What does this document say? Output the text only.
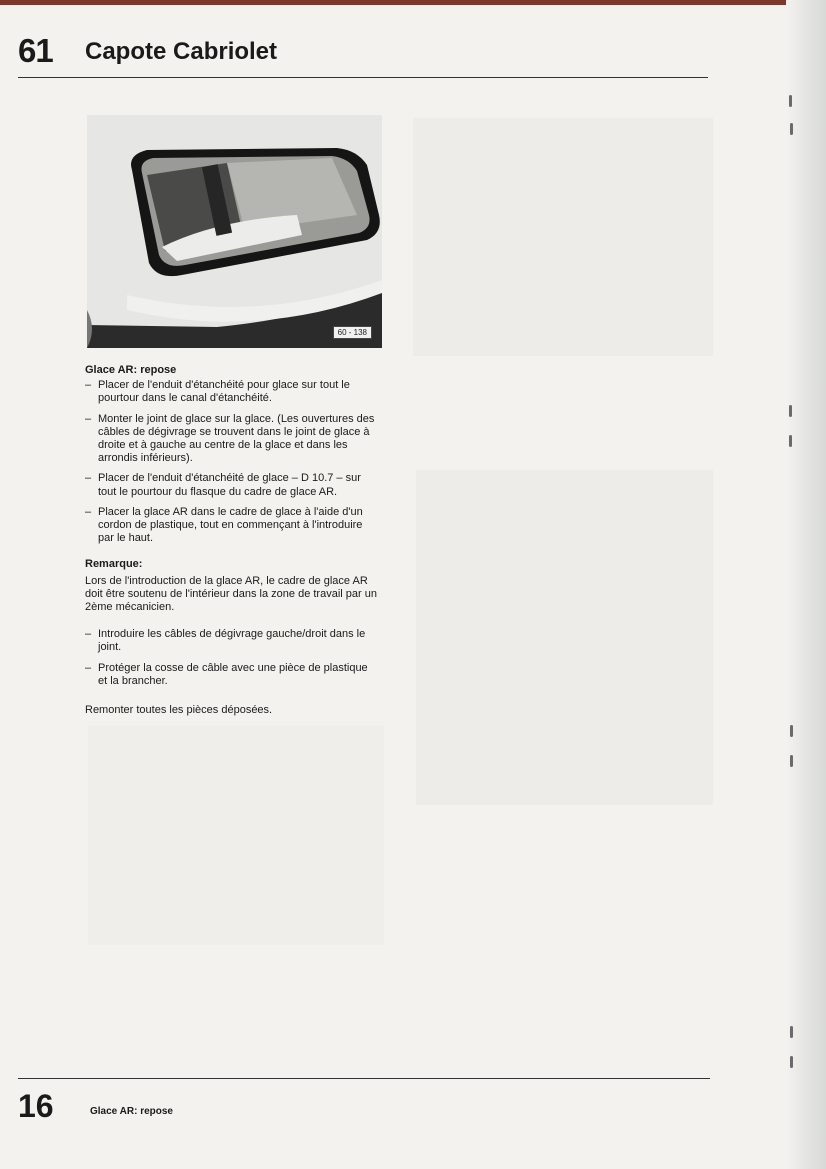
61 Capote Cabriolet
60 - 138

Glace AR: repose

– Placer de l'enduit d'étanchéité pour glace sur tout le pourtour dans le canal d'étanchéité.

– Monter le joint de glace sur la glace. (Les ouvertures des câbles de dégivrage se trouvent dans le joint de glace à droite et à gauche au centre de la glace et dans les arrondis inférieurs).

– Placer de l'enduit d'étanchéité de glace – D 10.7 – sur tout le pourtour du flasque du cadre de glace AR.

– Placer la glace AR dans le cadre de glace à l'aide d'un cordon de plastique, tout en commençant à l'introduire par le haut.

Remarque:

Lors de l'introduction de la glace AR, le cadre de glace AR doit être soutenu de l'intérieur dans la zone de travail par un 2ème mécanicien.

– Introduire les câbles de dégivrage gauche/droit dans le joint.

– Protéger la cosse de câble avec une pièce de plastique et la brancher.

Remonter toutes les pièces déposées.

16	Glace AR: repose
